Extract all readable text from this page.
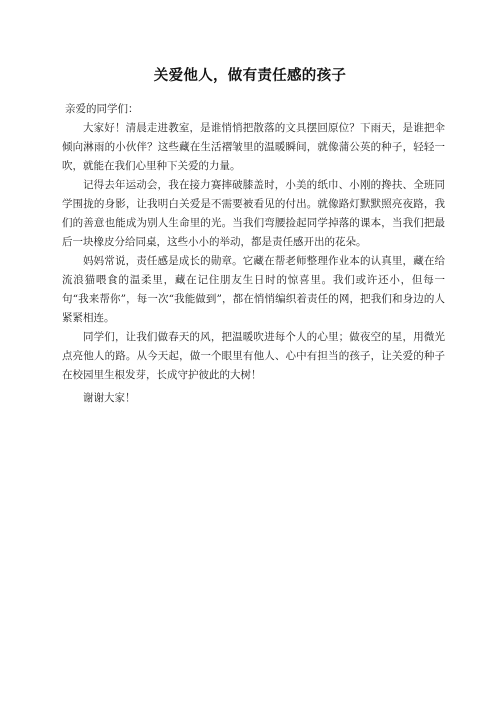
关爱他人，做有责任感的孩子

亲爱的同学们：

大家好！清晨走进教室，是谁悄悄把散落的文具摆回原位？下雨天，是谁把伞倾向淋雨的小伙伴？这些藏在生活褶皱里的温暖瞬间，就像蒲公英的种子，轻轻一吹，就能在我们心里种下关爱的力量。

记得去年运动会，我在接力赛摔破膝盖时，小美的纸巾、小刚的搀扶、全班同学围拢的身影，让我明白关爱是不需要被看见的付出。就像路灯默默照亮夜路，我们的善意也能成为别人生命里的光。当我们弯腰捡起同学掉落的课本，当我们把最后一块橡皮分给同桌，这些小小的举动，都是责任感开出的花朵。

妈妈常说，责任感是成长的勋章。它藏在帮老师整理作业本的认真里，藏在给流浪猫喂食的温柔里，藏在记住朋友生日时的惊喜里。我们或许还小，但每一句“我来帮你”，每一次“我能做到”，都在悄悄编织着责任的网，把我们和身边的人紧紧相连。

同学们，让我们做春天的风，把温暖吹进每个人的心里；做夜空的星，用微光点亮他人的路。从今天起，做一个眼里有他人、心中有担当的孩子，让关爱的种子在校园里生根发芽，长成守护彼此的大树！

谢谢大家！
